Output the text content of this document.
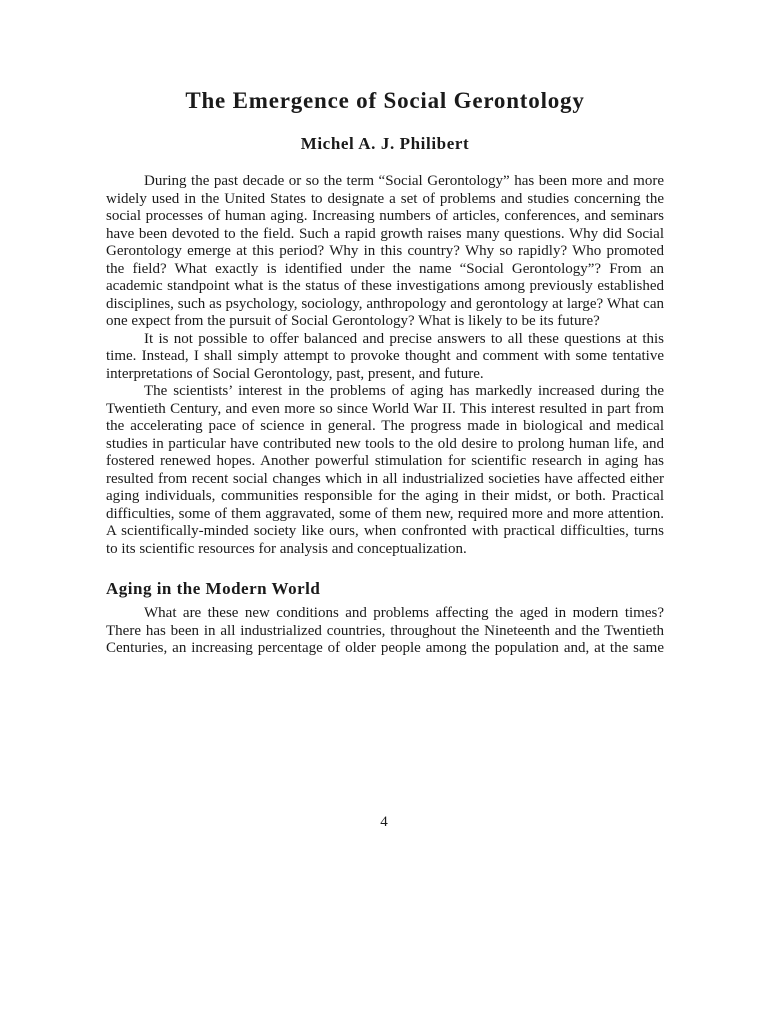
The Emergence of Social Gerontology
Michel A. J. Philibert

During the past decade or so the term “Social Gerontology” has been more and more widely used in the United States to designate a set of problems and studies concerning the social processes of human aging. Increasing numbers of articles, conferences, and seminars have been devoted to the field. Such a rapid growth raises many questions. Why did Social Gerontology emerge at this period? Why in this country? Why so rapidly? Who promoted the field? What exactly is identified under the name “Social Gerontology”? From an academic standpoint what is the status of these investigations among previously established disciplines, such as psychology, sociology, anthropology and gerontology at large? What can one expect from the pursuit of Social Gerontology? What is likely to be its future?

It is not possible to offer balanced and precise answers to all these questions at this time. Instead, I shall simply attempt to provoke thought and comment with some tentative interpretations of Social Gerontology, past, present, and future.

The scientists’ interest in the problems of aging has markedly increased during the Twentieth Century, and even more so since World War II. This interest resulted in part from the accelerating pace of science in general. The progress made in biological and medical studies in particular have contributed new tools to the old desire to prolong human life, and fostered renewed hopes. Another powerful stimulation for scientific research in aging has resulted from recent social changes which in all industrialized societies have affected either aging individuals, communities responsible for the aging in their midst, or both. Practical difficulties, some of them aggravated, some of them new, required more and more attention. A scientifically-minded society like ours, when confronted with practical difficulties, turns to its scientific resources for analysis and conceptualization.

Aging in the Modern World

What are these new conditions and problems affecting the aged in modern times? There has been in all industrialized countries, throughout the Nineteenth and the Twentieth Centuries, an increasing percentage of older people among the population and, at the same

4
